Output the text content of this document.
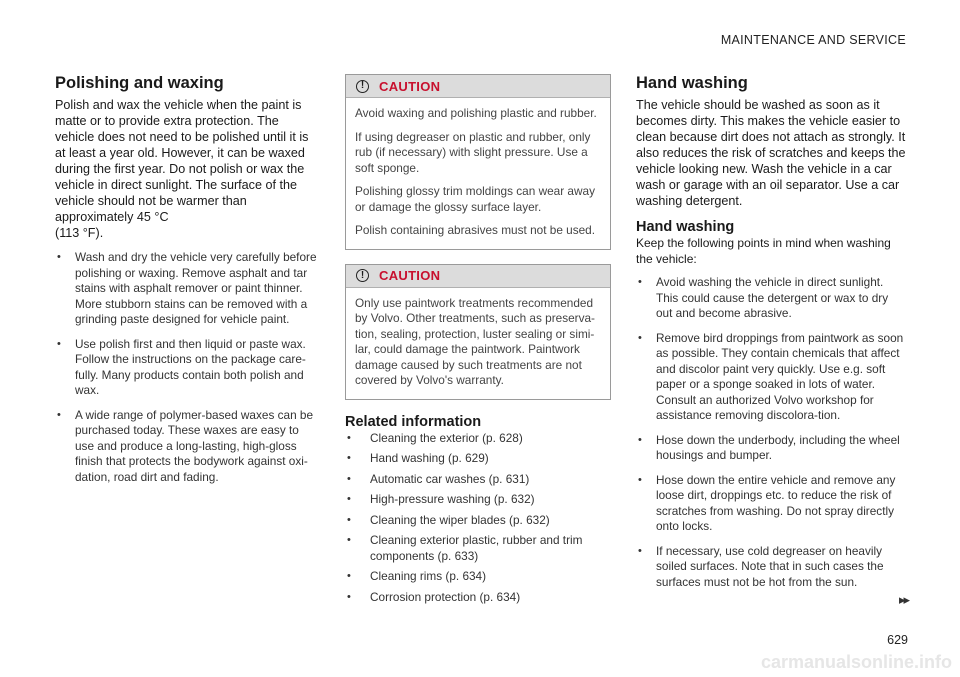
MAINTENANCE AND SERVICE
Polishing and waxing

Polish and wax the vehicle when the paint is matte or to provide extra protection. The vehicle does not need to be polished until it is at least a year old. However, it can be waxed during the first year. Do not polish or wax the vehicle in direct sunlight. The surface of the vehicle should not be warmer than approximately 45 °C
(113 °F).

• Wash and dry the vehicle very carefully before polishing or waxing. Remove asphalt and tar stains with asphalt remover or paint thinner. More stubborn stains can be removed with a grinding paste designed for vehicle paint.
• Use polish first and then liquid or paste wax. Follow the instructions on the package care-fully. Many products contain both polish and wax.
• A wide range of polymer-based waxes can be purchased today. These waxes are easy to use and produce a long-lasting, high-gloss finish that protects the bodywork against oxi-dation, road dirt and fading.
!	CAUTION

Avoid waxing and polishing plastic and rubber.

If using degreaser on plastic and rubber, only rub (if necessary) with slight pressure. Use a soft sponge.

Polishing glossy trim moldings can wear away or damage the glossy surface layer.

Polish containing abrasives must not be used.

!	CAUTION

Only use paintwork treatments recommended by Volvo. Other treatments, such as preserva-tion, sealing, protection, luster sealing or simi-lar, could damage the paintwork. Paintwork damage caused by such treatments are not covered by Volvo's warranty.

Related information
• Cleaning the exterior (p. 628)
• Hand washing (p. 629)
• Automatic car washes (p. 631)
• High-pressure washing (p. 632)
• Cleaning the wiper blades (p. 632)
• Cleaning exterior plastic, rubber and trim components (p. 633)
• Cleaning rims (p. 634)
• Corrosion protection (p. 634)
Hand washing

The vehicle should be washed as soon as it becomes dirty. This makes the vehicle easier to clean because dirt does not attach as strongly. It also reduces the risk of scratches and keeps the vehicle looking new. Wash the vehicle in a car wash or garage with an oil separator. Use a car washing detergent.

Hand washing

Keep the following points in mind when washing the vehicle:

• Avoid washing the vehicle in direct sunlight. This could cause the detergent or wax to dry out and become abrasive.
• Remove bird droppings from paintwork as soon as possible. They contain chemicals that affect and discolor paint very quickly. Use e.g. soft paper or a sponge soaked in lots of water. Consult an authorized Volvo workshop for assistance removing discolora-tion.
• Hose down the underbody, including the wheel housings and bumper.
• Hose down the entire vehicle and remove any loose dirt, droppings etc. to reduce the risk of scratches from washing. Do not spray directly onto locks.
• If necessary, use cold degreaser on heavily soiled surfaces. Note that in such cases the surfaces must not be hot from the sun.
▸▸
629
carmanualsonline.info
